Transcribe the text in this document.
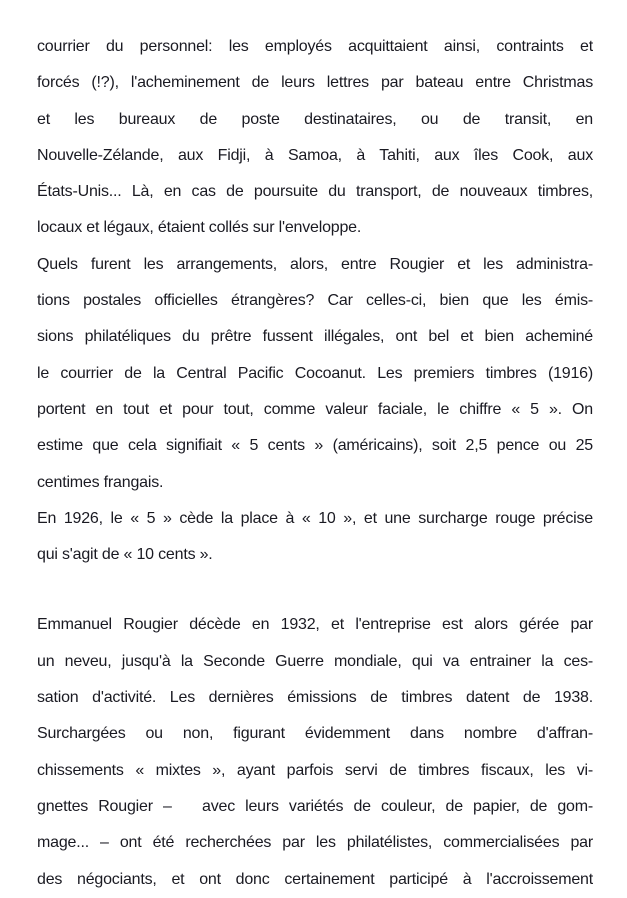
courrier du personnel: les employés acquittaient ainsi, contraints et
forcés (!?), l'acheminement de leurs lettres par bateau entre Christmas
et les bureaux de poste destinataires, ou de transit, en
Nouvelle-Zélande, aux Fidji, à Samoa, à Tahiti, aux îles Cook, aux
États-Unis... Là, en cas de poursuite du transport, de nouveaux timbres,
locaux et légaux, étaient collés sur l'enveloppe.
Quels furent les arrangements, alors, entre Rougier et les administra-
tions postales officielles étrangères? Car celles-ci, bien que les émis-
sions philatéliques du prêtre fussent illégales, ont bel et bien acheminé
le courrier de la Central Pacific Cocoanut. Les premiers timbres (1916)
portent en tout et pour tout, comme valeur faciale, le chiffre « 5 ». On
estime que cela signifiait « 5 cents » (américains), soit 2,5 pence ou 25
centimes frangais.
En 1926, le « 5 » cède la place à « 10 », et une surcharge rouge précise
qui s'agit de « 10 cents ».
Emmanuel Rougier décède en 1932, et l'entreprise est alors gérée par
un neveu, jusqu'à la Seconde Guerre mondiale, qui va entrainer la ces-
sation d'activité. Les dernières émissions de timbres datent de 1938.
Surchargées ou non, figurant évidemment dans nombre d'affran-
chissements « mixtes », ayant parfois servi de timbres fiscaux, les vi-
gnettes Rougier –   avec leurs variétés de couleur, de papier, de gom-
mage... – ont été recherchées par les philatélistes, commercialisées par
des négociants, et ont donc certainement participé à l'accroissement
